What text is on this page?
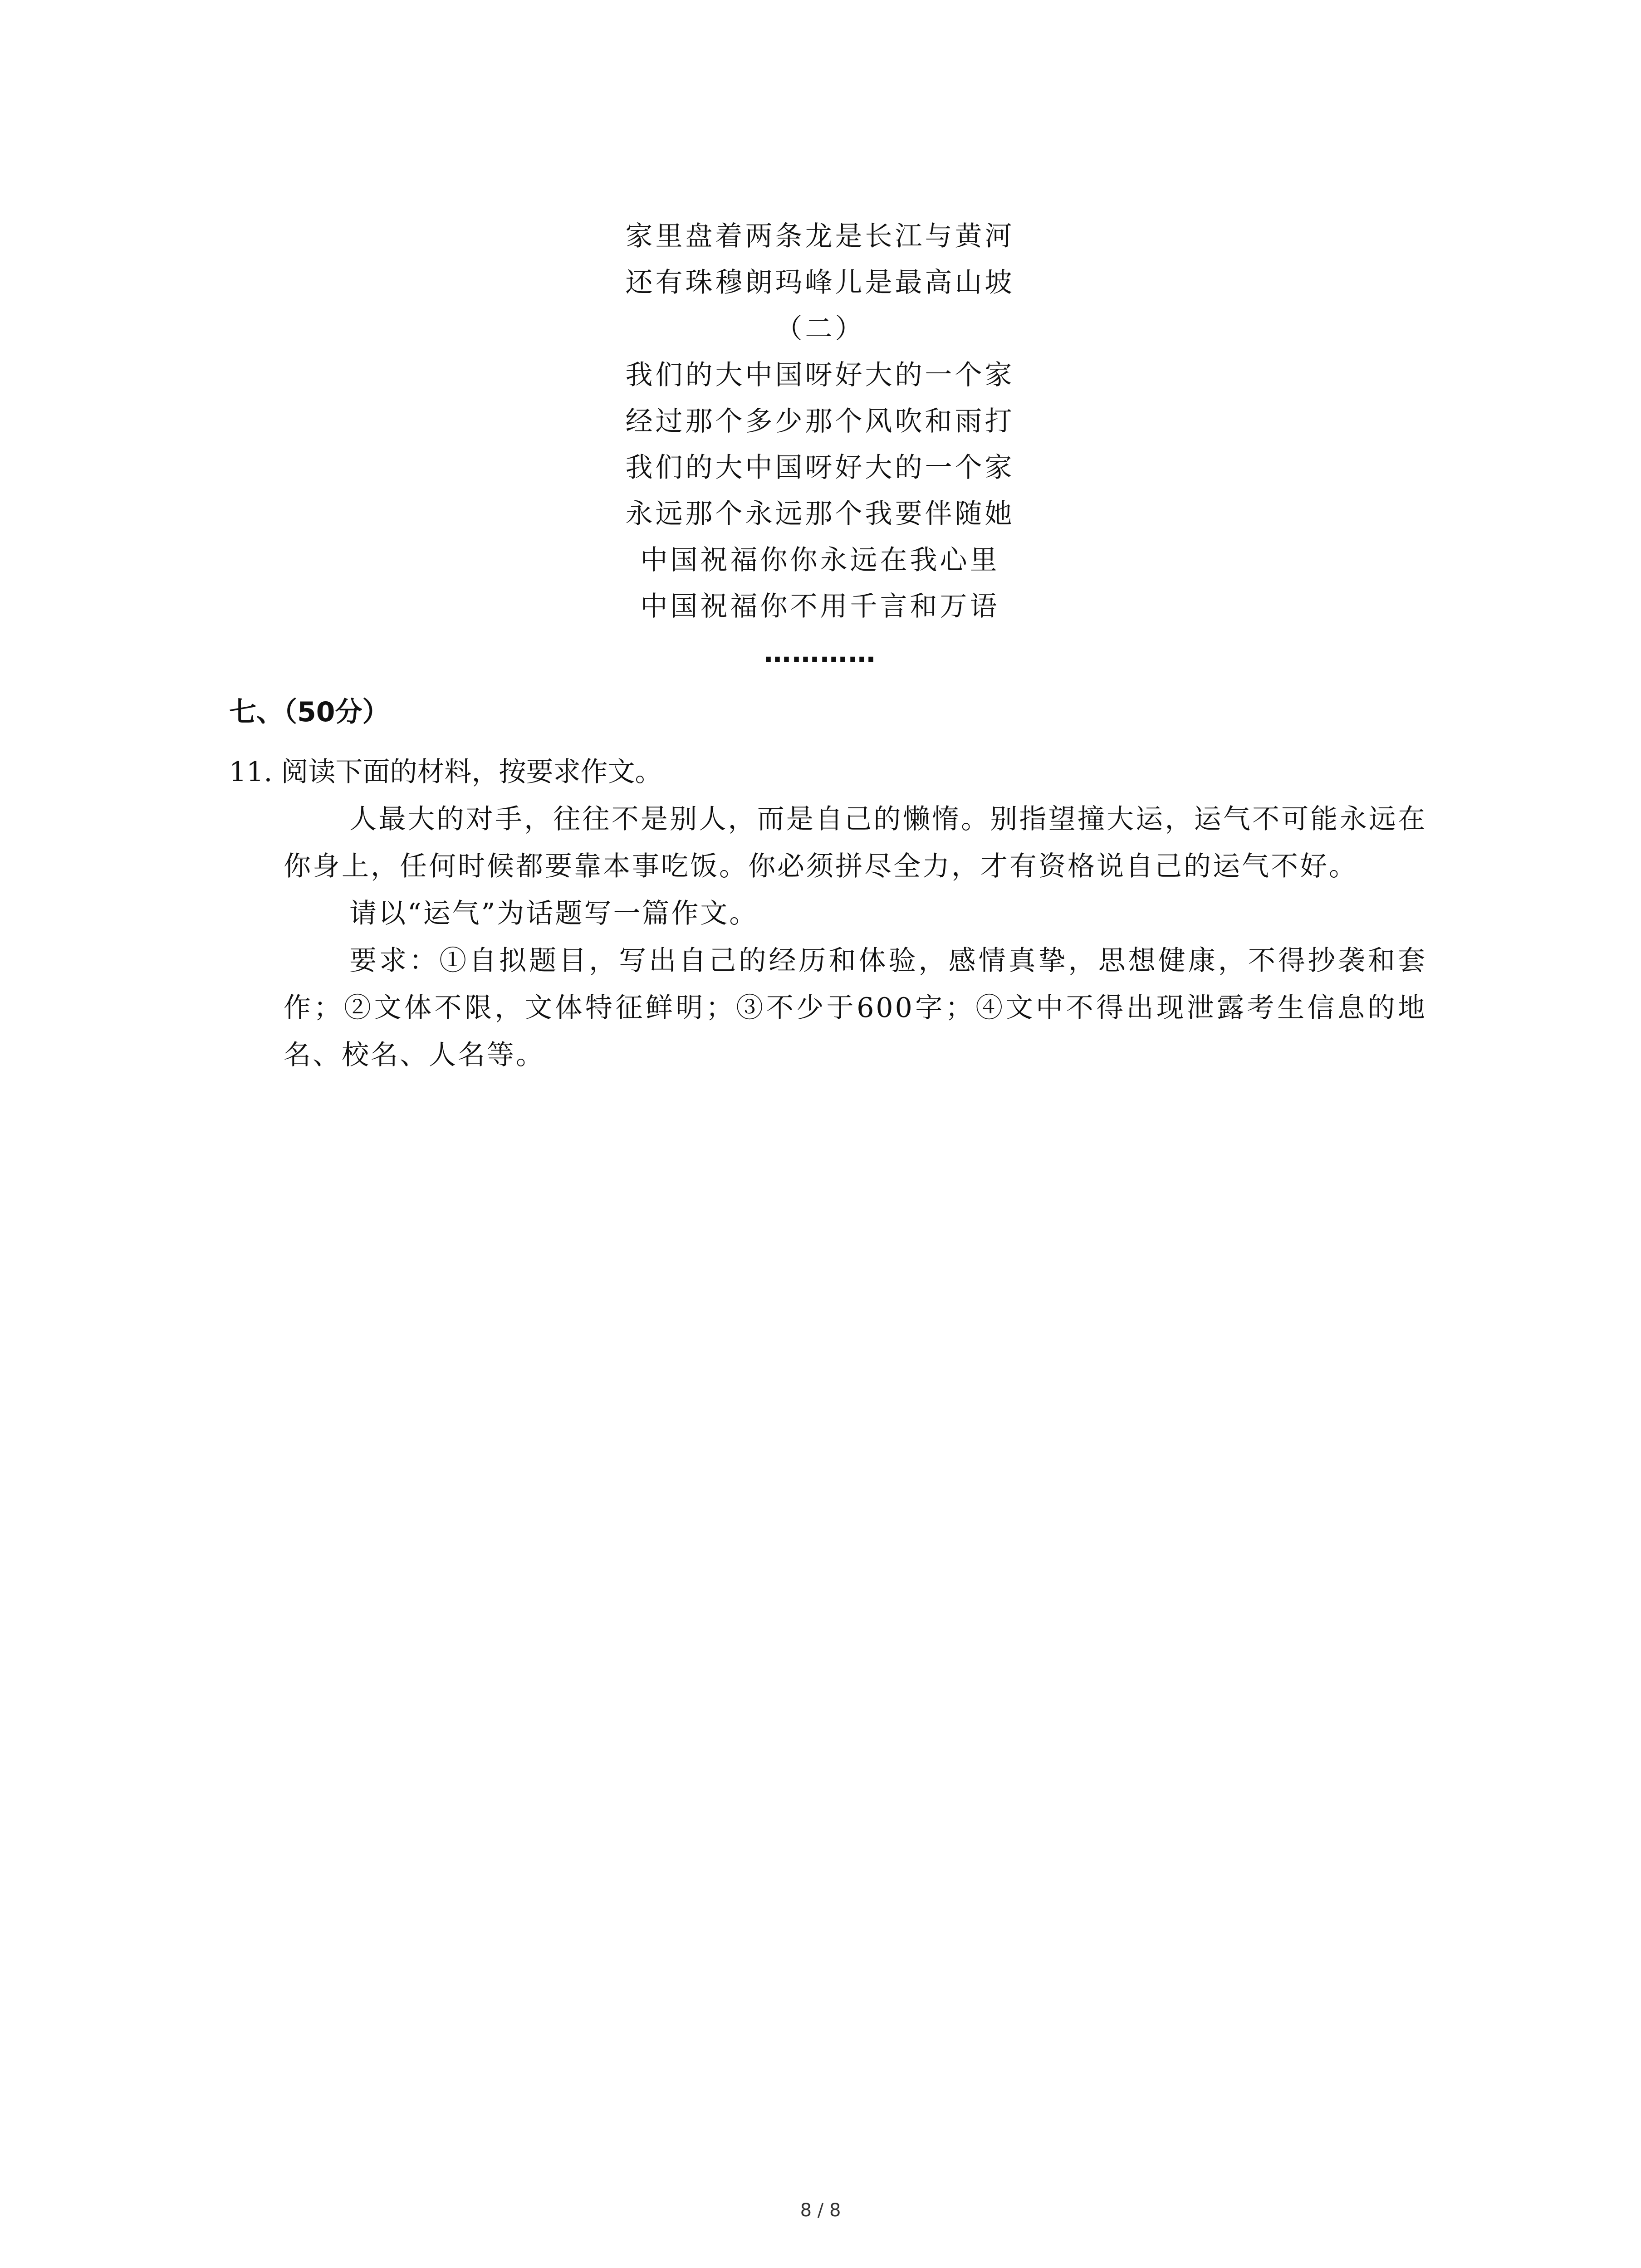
家里盘着两条龙是长江与黄河
还有珠穆朗玛峰儿是最高山坡
（二）
我们的大中国呀好大的一个家
经过那个多少那个风吹和雨打
我们的大中国呀好大的一个家
永远那个永远那个我要伴随她
中国祝福你你永远在我心里
中国祝福你不用千言和万语
…………
七、（50分）
11. 阅读下面的材料，按要求作文。
人最大的对手，往往不是别人，而是自己的懒惰。别指望撞大运，运气不可能永远在你身上，任何时候都要靠本事吃饭。你必须拼尽全力，才有资格说自己的运气不好。
请以“运气”为话题写一篇作文。
要求：①自拟题目，写出自己的经历和体验，感情真挚，思想健康，不得抄袭和套作；②文体不限，文体特征鲜明；③不少于600字；④文中不得出现泄露考生信息的地名、校名、人名等。
8 / 8
